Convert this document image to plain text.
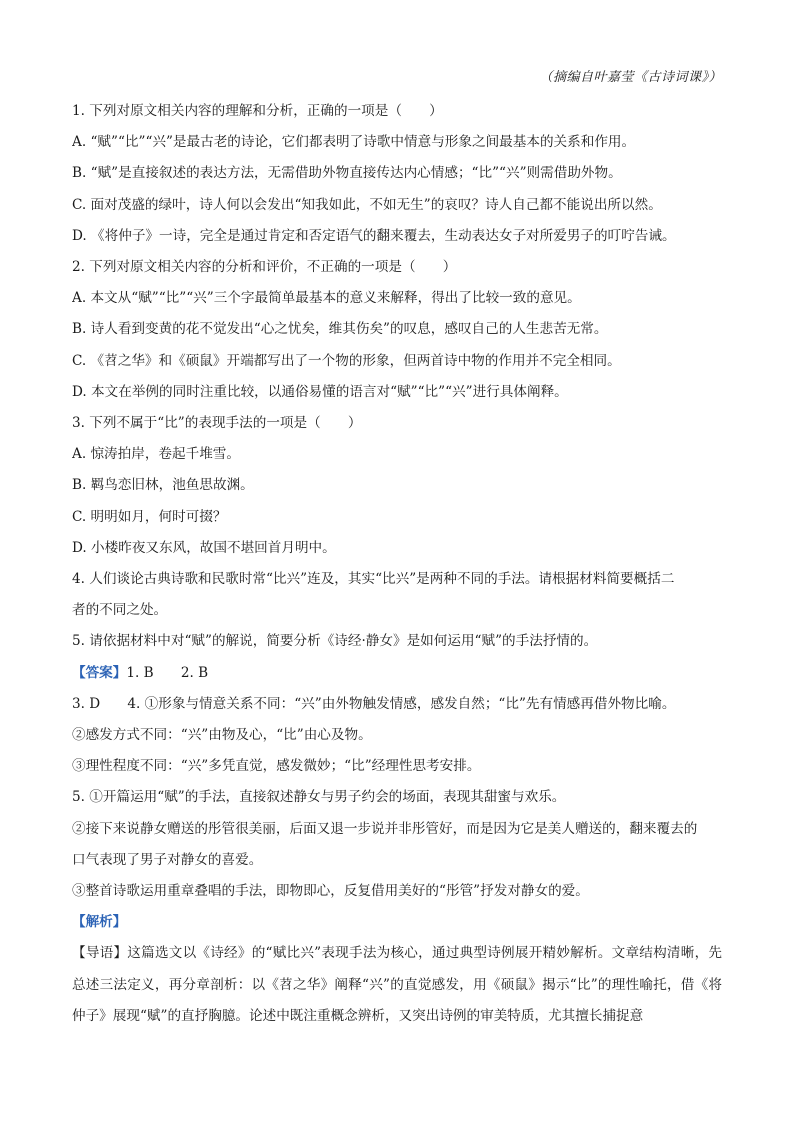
（摘编自叶嘉莹《古诗词课》）
1. 下列对原文相关内容的理解和分析，正确的一项是（　　）
A. “赋”“比”“兴”是最古老的诗论，它们都表明了诗歌中情意与形象之间最基本的关系和作用。
B. “赋”是直接叙述的表达方法，无需借助外物直接传达内心情感；“比”“兴”则需借助外物。
C. 面对茂盛的绿叶，诗人何以会发出“知我如此，不如无生”的哀叹？诗人自己都不能说出所以然。
D. 《将仲子》一诗，完全是通过肯定和否定语气的翻来覆去，生动表达女子对所爱男子的叮咛告诫。
2. 下列对原文相关内容的分析和评价，不正确的一项是（　　）
A. 本文从“赋”“比”“兴”三个字最简单最基本的意义来解释，得出了比较一致的意见。
B. 诗人看到变黄的花不觉发出“心之忧矣，维其伤矣”的叹息，感叹自己的人生悲苦无常。
C. 《苕之华》和《硕鼠》开端都写出了一个物的形象，但两首诗中物的作用并不完全相同。
D. 本文在举例的同时注重比较，以通俗易懂的语言对“赋”“比”“兴”进行具体阐释。
3. 下列不属于“比”的表现手法的一项是（　　）
A. 惊涛拍岸，卷起千堆雪。
B. 羁鸟恋旧林，池鱼思故渊。
C. 明明如月，何时可掇？
D. 小楼昨夜又东风，故国不堪回首月明中。
4. 人们谈论古典诗歌和民歌时常“比兴”连及，其实“比兴”是两种不同的手法。请根据材料简要概括二
者的不同之处。
5. 请依据材料中对“赋”的解说，简要分析《诗经·静女》是如何运用“赋”的手法抒情的。
【答案】1. B　　2. B
3. D　　4. ①形象与情意关系不同：“兴”由外物触发情感，感发自然；“比”先有情感再借外物比喻。
②感发方式不同：“兴”由物及心，“比”由心及物。
③理性程度不同：“兴”多凭直觉，感发微妙；“比”经理性思考安排。
5. ①开篇运用“赋”的手法，直接叙述静女与男子约会的场面，表现其甜蜜与欢乐。
②接下来说静女赠送的彤管很美丽，后面又退一步说并非彤管好，而是因为它是美人赠送的，翻来覆去的
口气表现了男子对静女的喜爱。
③整首诗歌运用重章叠唱的手法，即物即心，反复借用美好的“彤管”抒发对静女的爱。
【解析】
【导语】这篇选文以《诗经》的“赋比兴”表现手法为核心，通过典型诗例展开精妙解析。文章结构清晰，先总述三法定义，再分章剖析：以《苕之华》阐释“兴”的直觉感发，用《硕鼠》揭示“比”的理性喻托，借《将仲子》展现“赋”的直抒胸臆。论述中既注重概念辨析，又突出诗例的审美特质，尤其擅长捕捉意
